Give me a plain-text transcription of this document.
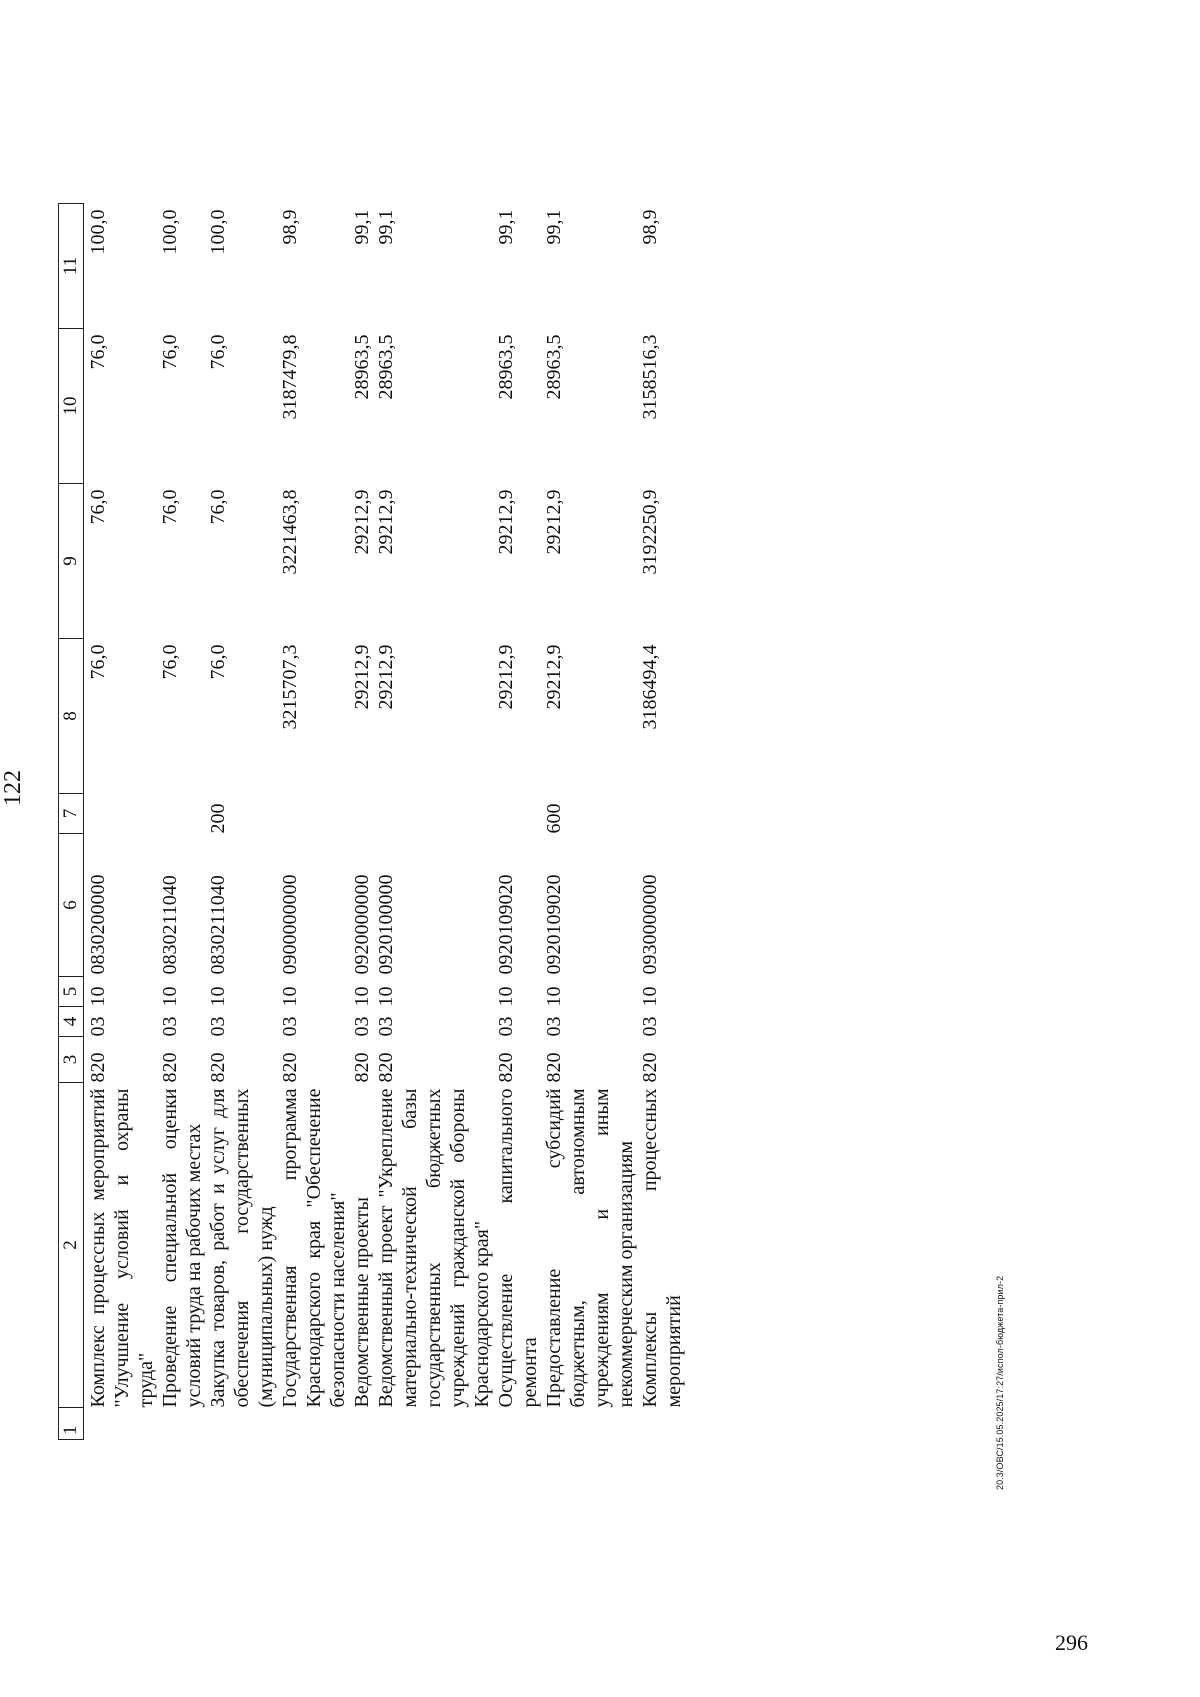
122
1	2	3	4	5	6	7	8	9	10	11
	Комплекс процессных мероприятий "Улучшение условий и охраны труда"	820	03	10	0830200000		76,0	76,0	76,0	100,0
	Проведение специальной оценки условий труда на рабочих местах	820	03	10	0830211040		76,0	76,0	76,0	100,0
	Закупка товаров, работ и услуг для обеспечения государственных (муниципальных) нужд	820	03	10	0830211040	200	76,0	76,0	76,0	100,0
	Государственная программа Краснодарского края "Обеспечение безопасности населения"	820	03	10	0900000000		3215707,3	3221463,8	3187479,8	98,9
	Ведомственные проекты	820	03	10	0920000000		29212,9	29212,9	28963,5	99,1
	Ведомственный проект "Укрепление материально-технической базы государственных бюджетных учреждений гражданской обороны Краснодарского края"	820	03	10	0920100000		29212,9	29212,9	28963,5	99,1
	Осуществление капитального ремонта	820	03	10	0920109020		29212,9	29212,9	28963,5	99,1
	Предоставление субсидий бюджетным, автономным учреждениям и иным некоммерческим организациям	820	03	10	0920109020	600	29212,9	29212,9	28963,5	99,1
	Комплексы процессных мероприятий	820	03	10	0930000000		3186494,4	3192250,9	3158516,3	98,9
20.3/ОВС/15.05.2025/17:27/испол-бюджета-прил-2
296
